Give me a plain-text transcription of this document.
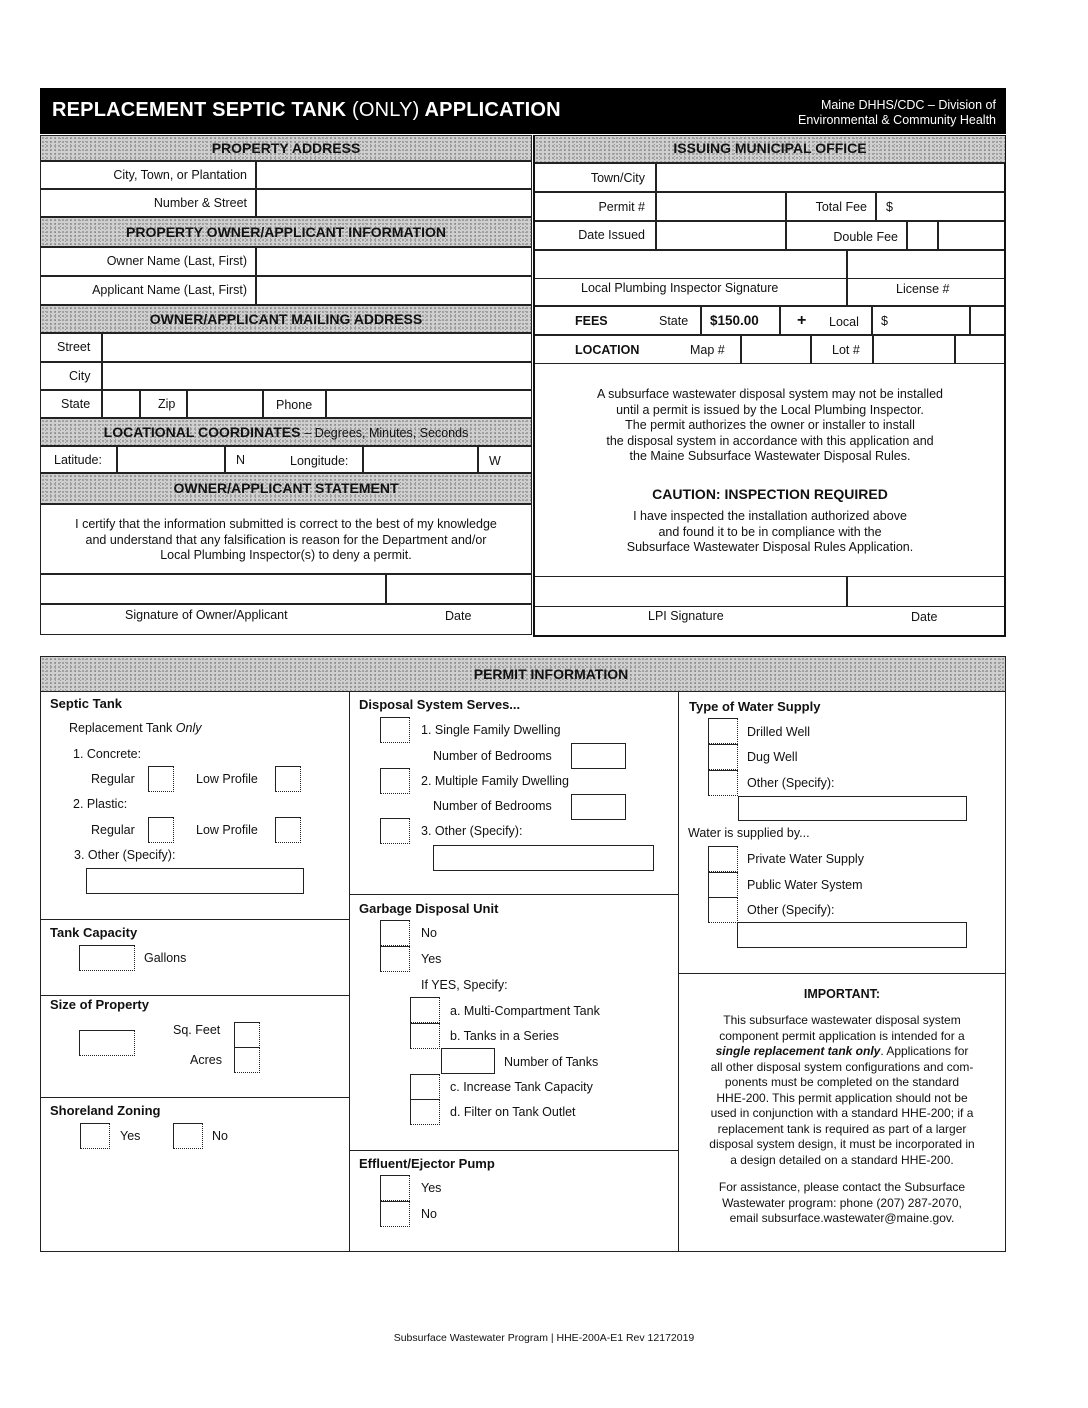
REPLACEMENT SEPTIC TANK (ONLY) APPLICATION	Maine DHHS/CDC – Division of
Environmental & Community Health
PROPERTY ADDRESS
City, Town, or Plantation
Number & Street
PROPERTY OWNER/APPLICANT INFORMATION
Owner Name (Last, First)
Applicant Name (Last, First)
OWNER/APPLICANT MAILING ADDRESS
Street
City
State	Zip	Phone
LOCATIONAL COORDINATES – Degrees, Minutes, Seconds
Latitude:	N	Longitude:	W
OWNER/APPLICANT STATEMENT
I certify that the information submitted is correct to the best of my knowledge
and understand that any falsification is reason for the Department and/or
Local Plumbing Inspector(s) to deny a permit.
Signature of Owner/Applicant	Date
ISSUING MUNICIPAL OFFICE
Town/City
Permit #	Total Fee $
Date Issued	Double Fee
Local Plumbing Inspector Signature	License #
FEES	State $150.00 + Local $
LOCATION	Map #	Lot #
A subsurface wastewater disposal system may not be installed
until a permit is issued by the Local Plumbing Inspector.
The permit authorizes the owner or installer to install
the disposal system in accordance with this application and
the Maine Subsurface Wastewater Disposal Rules.
CAUTION: INSPECTION REQUIRED
I have inspected the installation authorized above
and found it to be in compliance with the
Subsurface Wastewater Disposal Rules Application.
LPI Signature	Date
PERMIT INFORMATION
Septic Tank
Replacement Tank Only
1. Concrete:
Regular	Low Profile
2. Plastic:
Regular	Low Profile
3. Other (Specify):
Tank Capacity
Gallons
Size of Property
Sq. Feet
Acres
Shoreland Zoning
Yes	No
Disposal System Serves...
1. Single Family Dwelling
Number of Bedrooms
2. Multiple Family Dwelling
Number of Bedrooms
3. Other (Specify):
Garbage Disposal Unit
No
Yes
If YES, Specify:
a. Multi-Compartment Tank
b. Tanks in a Series
Number of Tanks
c. Increase Tank Capacity
d. Filter on Tank Outlet
Effluent/Ejector Pump
Yes
No
Type of Water Supply
Drilled Well
Dug Well
Other (Specify):
Water is supplied by...
Private Water Supply
Public Water System
Other (Specify):
IMPORTANT:
This subsurface wastewater disposal system
component permit application is intended for a
single replacement tank only. Applications for
all other disposal system configurations and com-
ponents must be completed on the standard
HHE-200. This permit application should not be
used in conjunction with a standard HHE-200; if a
replacement tank is required as part of a larger
disposal system design, it must be incorporated in
a design detailed on a standard HHE-200.
For assistance, please contact the Subsurface
Wastewater program: phone (207) 287-2070,
email subsurface.wastewater@maine.gov.
Subsurface Wastewater Program | HHE-200A-E1 Rev 12172019
